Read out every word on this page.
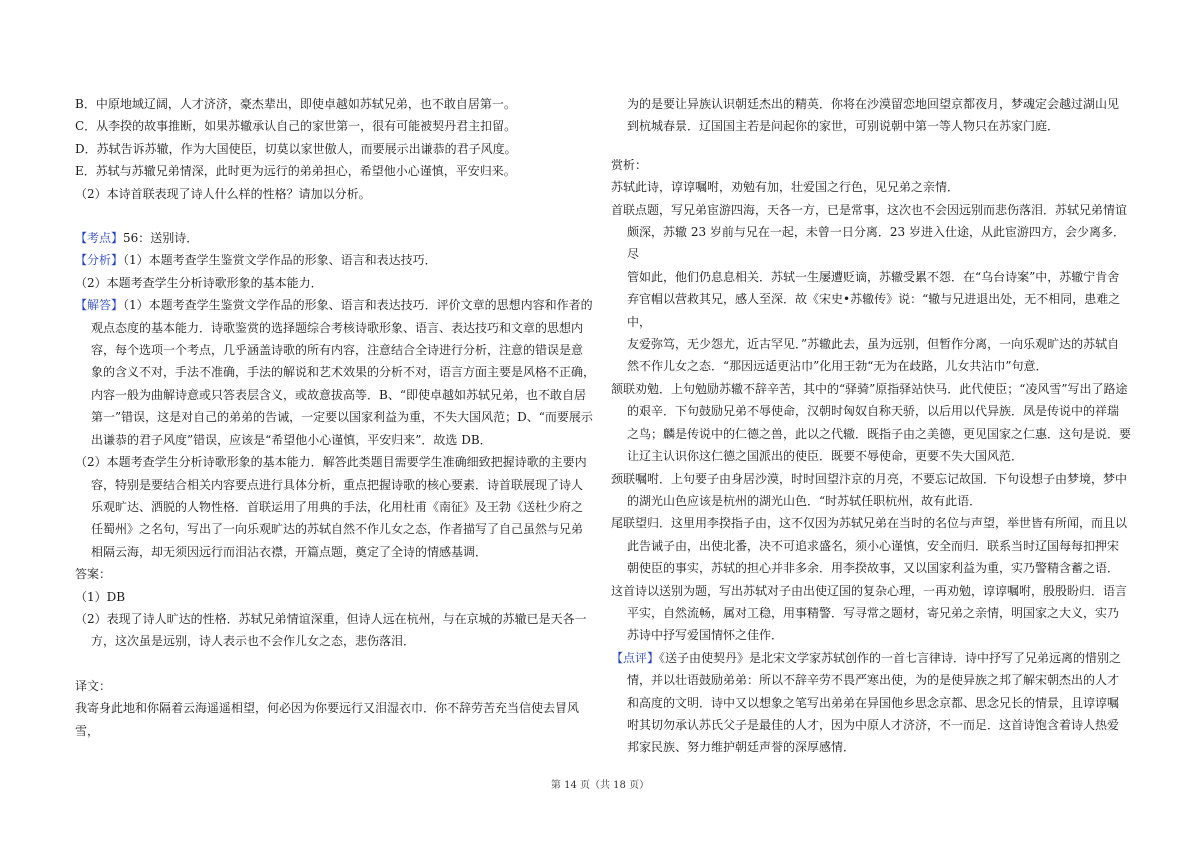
B．中原地域辽阔，人才济济，豪杰辈出，即使卓越如苏轼兄弟，也不敢自居第一。

C．从李揆的故事推断，如果苏辙承认自己的家世第一，很有可能被契丹君主扣留。

D．苏轼告诉苏辙，作为大国使臣，切莫以家世傲人，而要展示出谦恭的君子风度。

E．苏轼与苏辙兄弟情深，此时更为远行的弟弟担心，希望他小心谨慎，平安归来。

（2）本诗首联表现了诗人什么样的性格？请加以分析。

【考点】56：送别诗．

【分析】（1）本题考查学生鉴赏文学作品的形象、语言和表达技巧．

（2）本题考查学生分析诗歌形象的基本能力．

【解答】（1）本题考查学生鉴赏文学作品的形象、语言和表达技巧．评价文章的思想内容和作者的

观点态度的基本能力．诗歌鉴赏的选择题综合考核诗歌形象、语言、表达技巧和文章的思想内

容，每个选项一个考点，几乎涵盖诗歌的所有内容，注意结合全诗进行分析，注意的错误是意

象的含义不对，手法不准确，手法的解说和艺术效果的分析不对，语言方面主要是风格不正确，

内容一般为曲解诗意或只答表层含义，或故意拔高等．B、“即使卓越如苏轼兄弟，也不敢自居

第一”错误，这是对自己的弟弟的告诫，一定要以国家利益为重，不失大国风范；D、“而要展示

出谦恭的君子风度”错误，应该是“希望他小心谨慎，平安归来”．故选 DB．

（2）本题考查学生分析诗歌形象的基本能力．解答此类题目需要学生准确细致把握诗歌的主要内

容，特别是要结合相关内容要点进行具体分析，重点把握诗歌的核心要素．诗首联展现了诗人

乐观旷达、洒脱的人物性格．首联运用了用典的手法，化用杜甫《南征》及王勃《送杜少府之

任蜀州》之名句，写出了一向乐观旷达的苏轼自然不作儿女之态，作者描写了自己虽然与兄弟

相隔云海，却无须因远行而泪沾衣襟，开篇点题，奠定了全诗的情感基调．

答案：

（1）DB

（2）表现了诗人旷达的性格．苏轼兄弟情谊深重，但诗人远在杭州，与在京城的苏辙已是天各一

方，这次虽是远别，诗人表示也不会作儿女之态，悲伤落泪．

译文：

我寄身此地和你隔着云海遥遥相望，何必因为你要远行又泪湿衣巾．你不辞劳苦充当信使去冒风雪，

为的是要让异族认识朝廷杰出的精英．你将在沙漠留恋地回望京都夜月，梦魂定会越过湖山见

到杭城春景．辽国国主若是问起你的家世，可别说朝中第一等人物只在苏家门庭．

赏析：

苏轼此诗，谆谆嘱咐，劝勉有加，壮爱国之行色，见兄弟之亲情．

首联点题，写兄弟宦游四海，天各一方，已是常事，这次也不会因远别而悲伤落泪．苏轼兄弟情谊

颇深，苏辙 23 岁前与兄在一起，未曾一日分离．23 岁进入仕途，从此宦游四方，会少离多．尽

管如此，他们仍息息相关．苏轼一生屡遭贬谪，苏辙受累不怨．在“乌台诗案”中，苏辙宁肯舍

弃官帽以营救其兄，感人至深．故《宋史•苏辙传》说：“辙与兄进退出处，无不相同，患难之中，

友爱弥笃，无少怨尤，近古罕见．”苏辙此去，虽为远别，但暂作分离，一向乐观旷达的苏轼自

然不作儿女之态．“那因远适更沾巾”化用王勃“无为在歧路，儿女共沾巾”句意．

颔联劝勉．上句勉励苏辙不辞辛苦，其中的“驿骑”原指驿站快马．此代使臣；“凌风雪”写出了路途

的艰辛．下句鼓励兄弟不辱使命，汉朝时匈奴自称天骄，以后用以代异族．凤是传说中的祥瑞

之鸟；麟是传说中的仁德之兽，此以之代辙．既指子由之美德，更见国家之仁惠．这句是说．要

让辽主认识你这仁德之国派出的使臣．既要不辱使命，更要不失大国风范．

颈联嘱咐．上句要子由身居沙漠，时时回望汴京的月亮，不要忘记故国．下句设想子由梦境，梦中

的湖光山色应该是杭州的湖光山色．“时苏轼任职杭州，故有此语．

尾联望归．这里用李揆指子由，这不仅因为苏轼兄弟在当时的名位与声望，举世皆有所闻，而且以

此告诫子由，出使北番，决不可追求盛名，须小心谨慎，安全而归．联系当时辽国每每扣押宋

朝使臣的事实，苏轼的担心并非多余．用李揆故事，又以国家利益为重，实乃警精含蓄之语．

这首诗以送别为题，写出苏轼对子由出使辽国的复杂心理，一再劝勉，谆谆嘱咐，殷殷盼归．语言

平实，自然流畅，属对工稳，用事精警．写寻常之题材，寄兄弟之亲情，明国家之大义，实乃

苏诗中抒写爱国情怀之佳作．

【点评】《送子由使契丹》是北宋文学家苏轼创作的一首七言律诗．诗中抒写了兄弟远离的惜别之

情，并以壮语鼓励弟弟：所以不辞辛劳不畏严寒出使，为的是使异族之邦了解宋朝杰出的人才

和高度的文明．诗中又以想象之笔写出弟弟在异国他乡思念京都、思念兄长的情景，且谆谆嘱

咐其切勿承认苏氏父子是最佳的人才，因为中原人才济济，不一而足．这首诗饱含着诗人热爱

邦家民族、努力维护朝廷声誉的深厚感情．

第 14 页（共 18 页）
